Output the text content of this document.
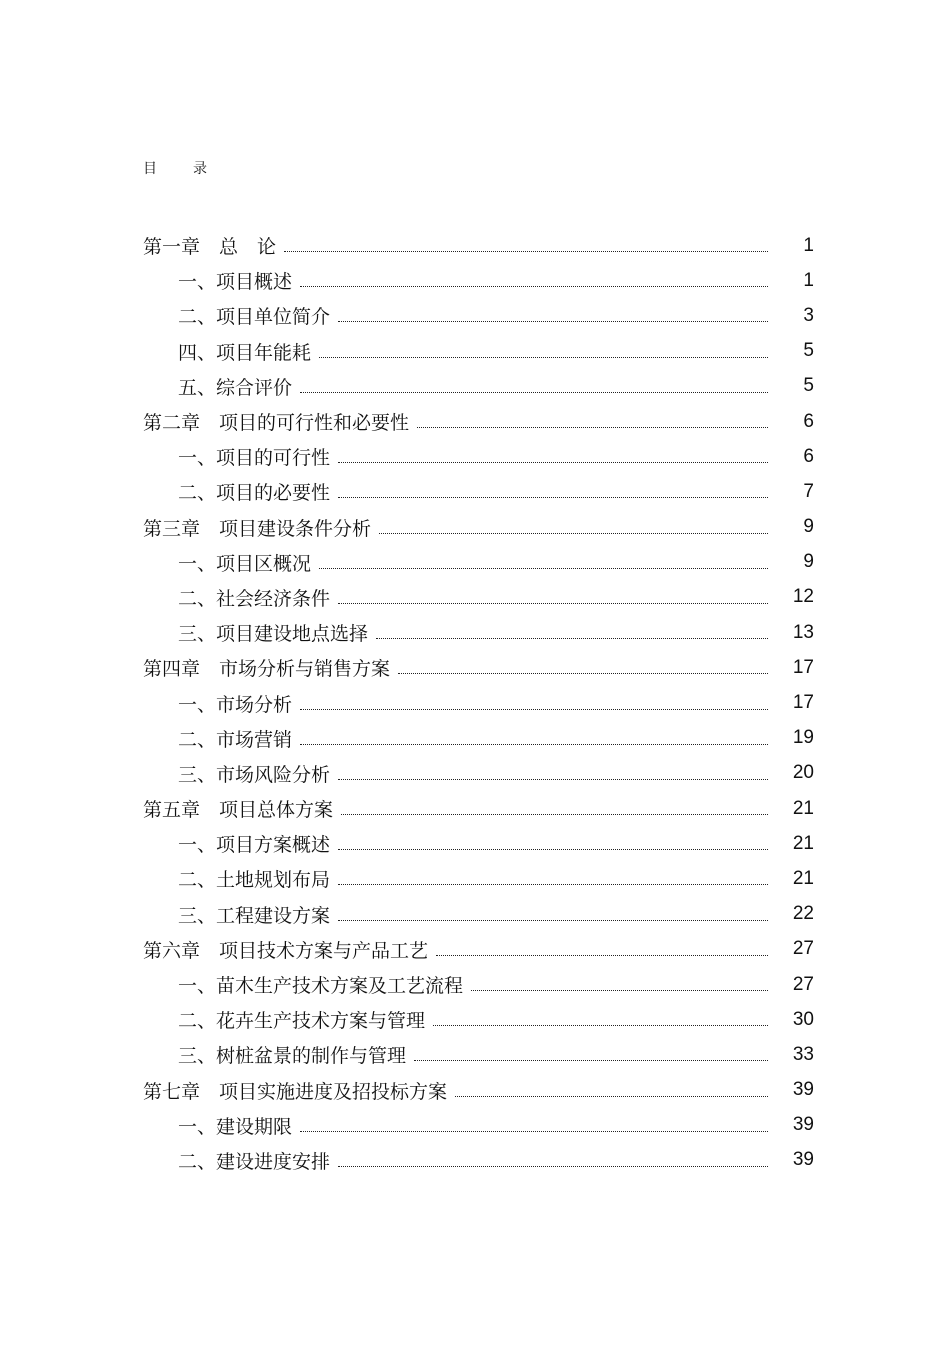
目	录
第一章　总　论	1
一、项目概述	1
二、项目单位简介	3
四、项目年能耗	5
五、综合评价	5
第二章　项目的可行性和必要性	6
一、项目的可行性	6
二、项目的必要性	7
第三章　项目建设条件分析	9
一、项目区概况	9
二、社会经济条件	12
三、项目建设地点选择	13
第四章　市场分析与销售方案	17
一、市场分析	17
二、市场营销	19
三、市场风险分析	20
第五章　项目总体方案	21
一、项目方案概述	21
二、土地规划布局	21
三、工程建设方案	22
第六章　项目技术方案与产品工艺	27
一、苗木生产技术方案及工艺流程	27
二、花卉生产技术方案与管理	30
三、树桩盆景的制作与管理	33
第七章　项目实施进度及招投标方案	39
一、建设期限	39
二、建设进度安排	39
